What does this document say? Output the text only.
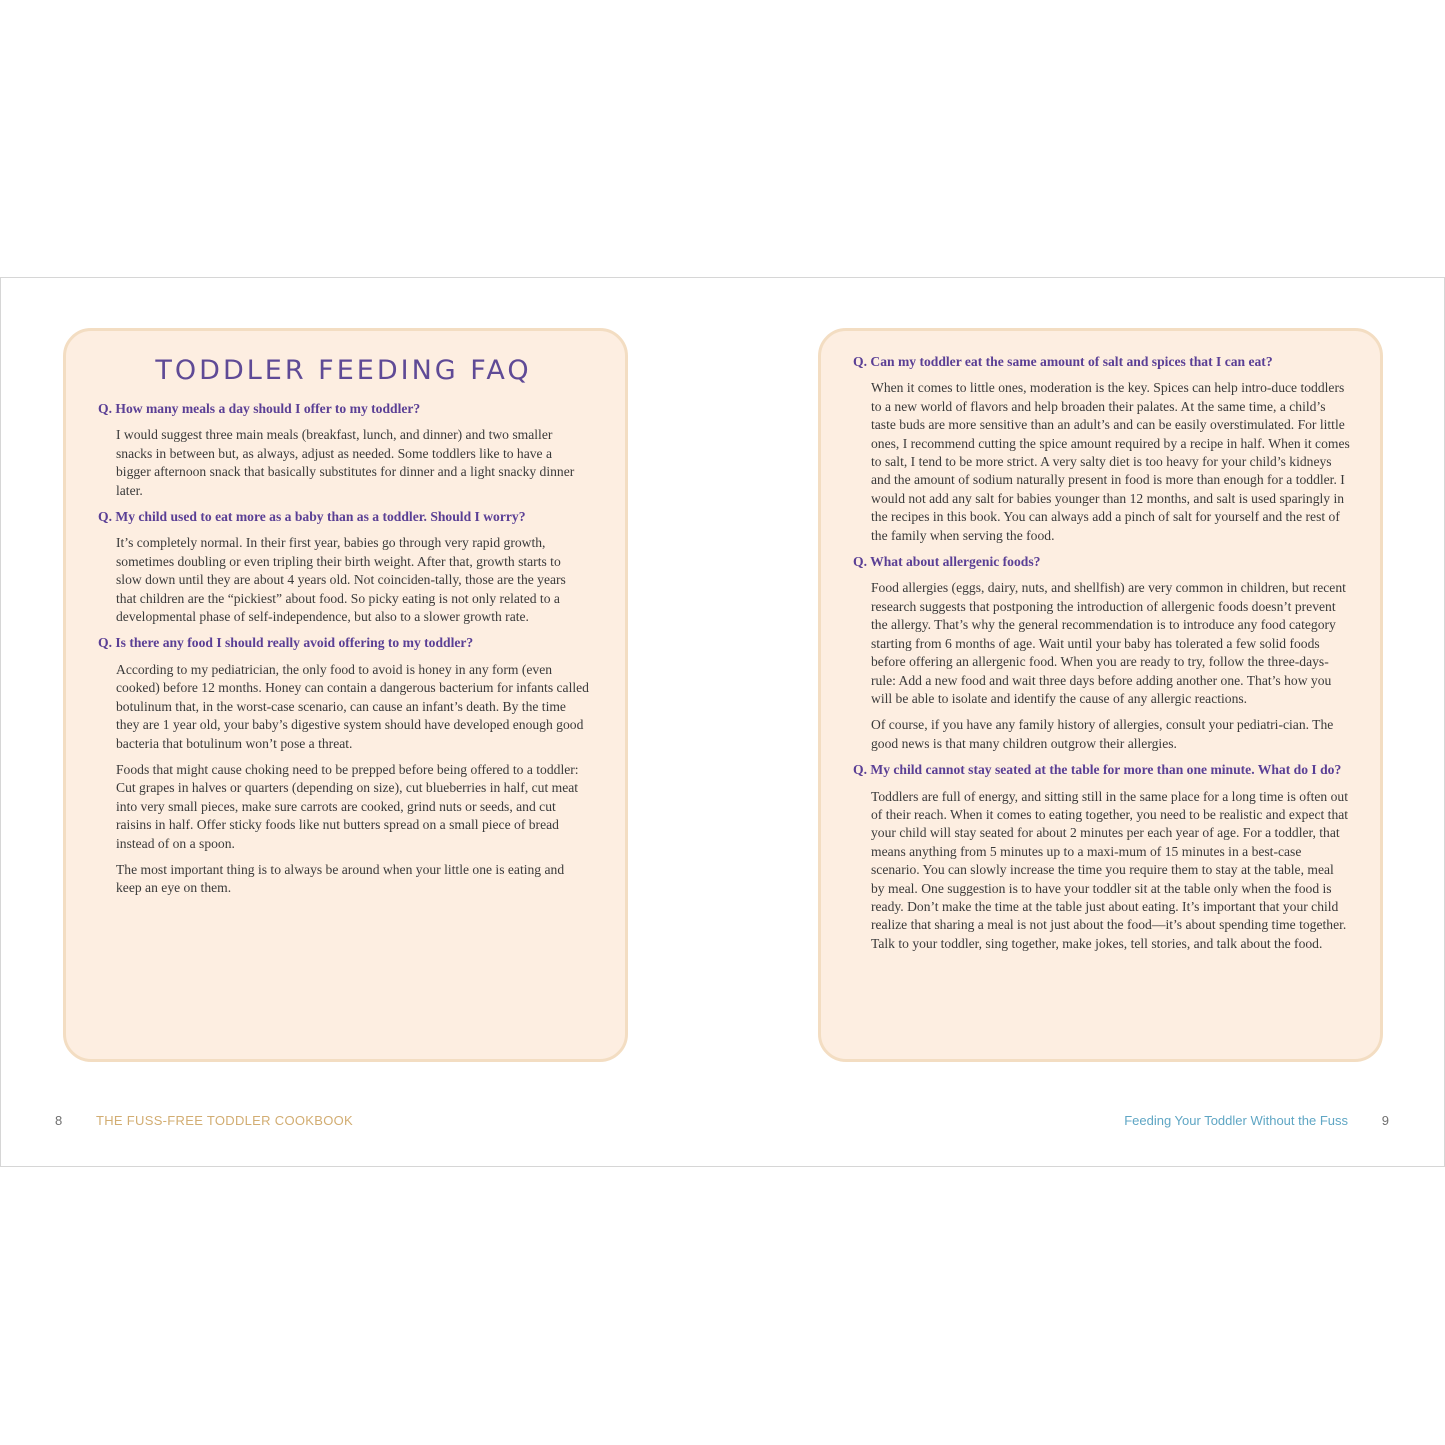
TODDLER FEEDING FAQ
Q. How many meals a day should I offer to my toddler?

I would suggest three main meals (breakfast, lunch, and dinner) and two smaller snacks in between but, as always, adjust as needed. Some toddlers like to have a bigger afternoon snack that basically substitutes for dinner and a light snacky dinner later.

Q. My child used to eat more as a baby than as a toddler. Should I worry?

It’s completely normal. In their first year, babies go through very rapid growth, sometimes doubling or even tripling their birth weight. After that, growth starts to slow down until they are about 4 years old. Not coinciden-tally, those are the years that children are the “pickiest” about food. So picky eating is not only related to a developmental phase of self-independence, but also to a slower growth rate.

Q. Is there any food I should really avoid offering to my toddler?

According to my pediatrician, the only food to avoid is honey in any form (even cooked) before 12 months. Honey can contain a dangerous bacterium for infants called botulinum that, in the worst-case scenario, can cause an infant’s death. By the time they are 1 year old, your baby’s digestive system should have developed enough good bacteria that botulinum won’t pose a threat.

Foods that might cause choking need to be prepped before being offered to a toddler: Cut grapes in halves or quarters (depending on size), cut blueberries in half, cut meat into very small pieces, make sure carrots are cooked, grind nuts or seeds, and cut raisins in half. Offer sticky foods like nut butters spread on a small piece of bread instead of on a spoon.

The most important thing is to always be around when your little one is eating and keep an eye on them.

Q. Can my toddler eat the same amount of salt and spices that I can eat?

When it comes to little ones, moderation is the key. Spices can help intro-duce toddlers to a new world of flavors and help broaden their palates. At the same time, a child’s taste buds are more sensitive than an adult’s and can be easily overstimulated. For little ones, I recommend cutting the spice amount required by a recipe in half. When it comes to salt, I tend to be more strict. A very salty diet is too heavy for your child’s kidneys and the amount of sodium naturally present in food is more than enough for a toddler. I would not add any salt for babies younger than 12 months, and salt is used sparingly in the recipes in this book. You can always add a pinch of salt for yourself and the rest of the family when serving the food.

Q. What about allergenic foods?

Food allergies (eggs, dairy, nuts, and shellfish) are very common in children, but recent research suggests that postponing the introduction of allergenic foods doesn’t prevent the allergy. That’s why the general recommendation is to introduce any food category starting from 6 months of age. Wait until your baby has tolerated a few solid foods before offering an allergenic food. When you are ready to try, follow the three-days-rule: Add a new food and wait three days before adding another one. That’s how you will be able to isolate and identify the cause of any allergic reactions.

Of course, if you have any family history of allergies, consult your pediatri-cian. The good news is that many children outgrow their allergies.

Q. My child cannot stay seated at the table for more than one minute. What do I do?

Toddlers are full of energy, and sitting still in the same place for a long time is often out of their reach. When it comes to eating together, you need to be realistic and expect that your child will stay seated for about 2 minutes per each year of age. For a toddler, that means anything from 5 minutes up to a maxi-mum of 15 minutes in a best-case scenario. You can slowly increase the time you require them to stay at the table, meal by meal. One suggestion is to have your toddler sit at the table only when the food is ready. Don’t make the time at the table just about eating. It’s important that your child realize that sharing a meal is not just about the food—it’s about spending time together. Talk to your toddler, sing together, make jokes, tell stories, and talk about the food.

8	THE FUSS-FREE TODDLER COOKBOOK	Feeding Your Toddler Without the Fuss	9
